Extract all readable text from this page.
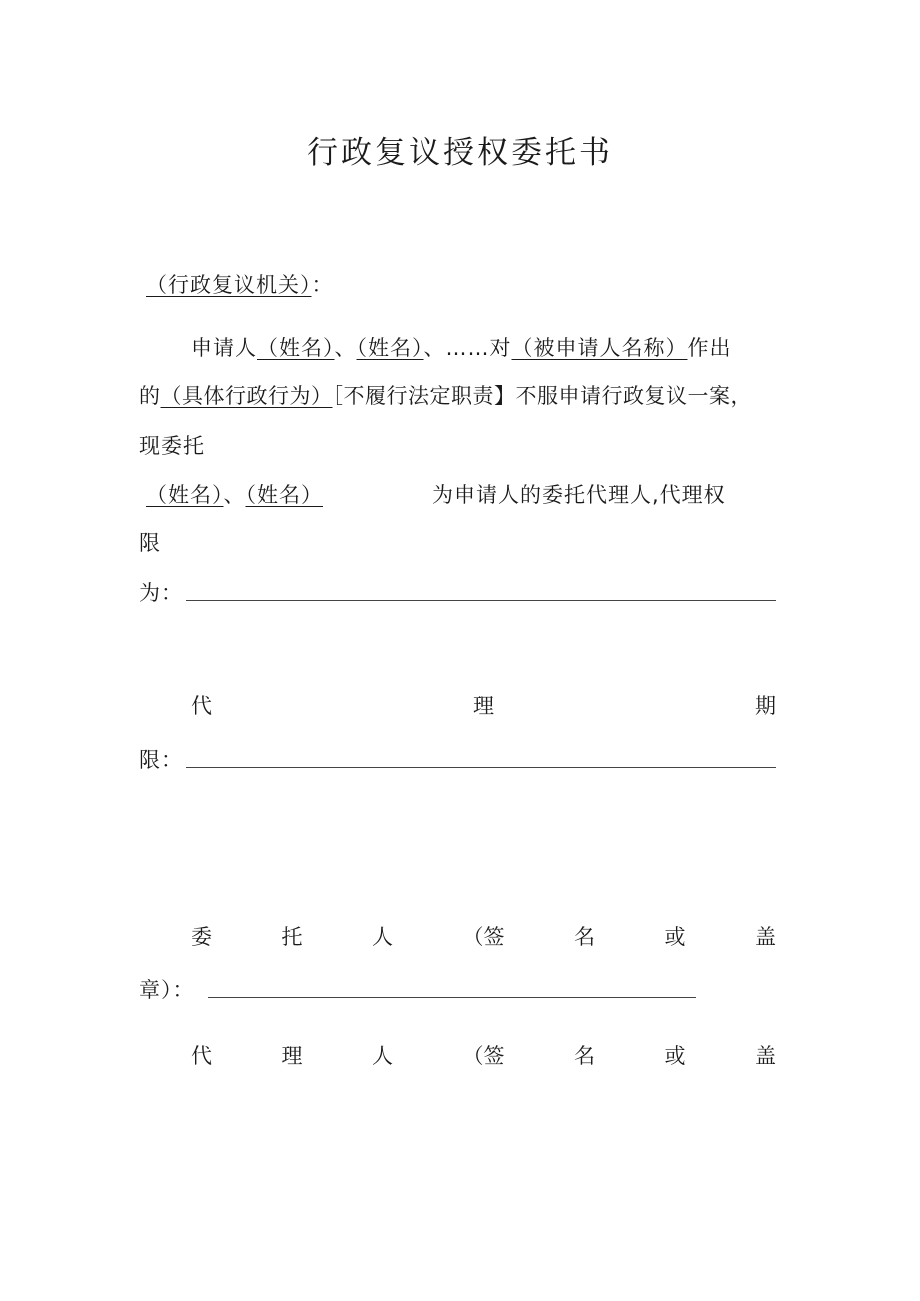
行政复议授权委托书
（行政复议机关）：
申请人（姓名）、（姓名）、……对（被申请人名称）作出
的（具体行政行为）［不履行法定职责】不服申请行政复议一案，
现委托
（姓名）、（姓名）	为申请人的委托代理人,代理权
限
为：
代	理	期
限：
委	托	人	（签	名	或	盖
章）：
代	理	人	（签	名	或	盖
